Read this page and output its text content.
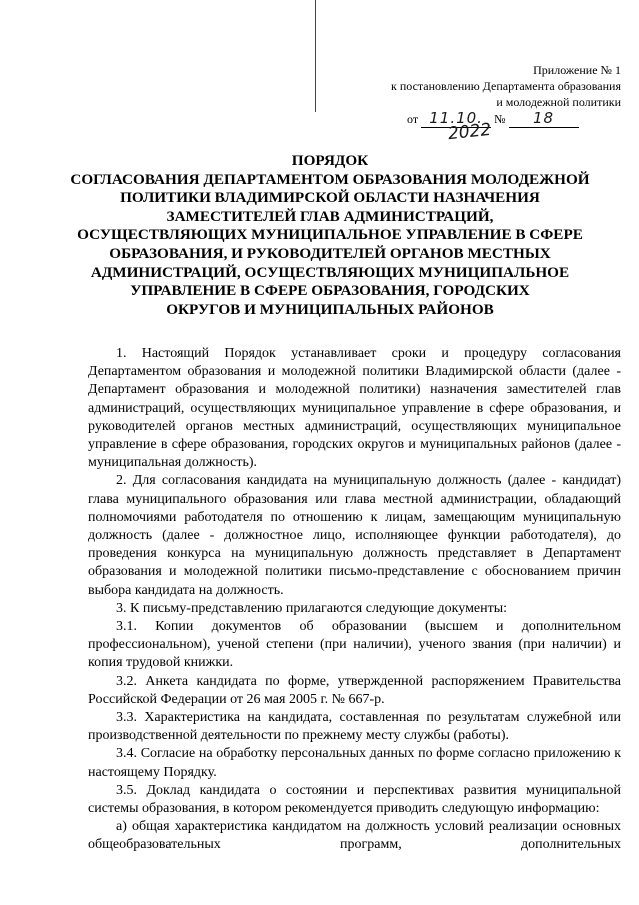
Приложение № 1
к постановлению Департамента образования
и молодежной политики
от 11.10. № 18
2022
ПОРЯДОК
СОГЛАСОВАНИЯ ДЕПАРТАМЕНТОМ ОБРАЗОВАНИЯ МОЛОДЕЖНОЙ
ПОЛИТИКИ ВЛАДИМИРСКОЙ ОБЛАСТИ НАЗНАЧЕНИЯ
ЗАМЕСТИТЕЛЕЙ ГЛАВ АДМИНИСТРАЦИЙ,
ОСУЩЕСТВЛЯЮЩИХ МУНИЦИПАЛЬНОЕ УПРАВЛЕНИЕ В СФЕРЕ
ОБРАЗОВАНИЯ, И РУКОВОДИТЕЛЕЙ ОРГАНОВ МЕСТНЫХ
АДМИНИСТРАЦИЙ, ОСУЩЕСТВЛЯЮЩИХ МУНИЦИПАЛЬНОЕ
УПРАВЛЕНИЕ В СФЕРЕ ОБРАЗОВАНИЯ, ГОРОДСКИХ
ОКРУГОВ И МУНИЦИПАЛЬНЫХ РАЙОНОВ

1. Настоящий Порядок устанавливает сроки и процедуру согласования Департаментом образования и молодежной политики Владимирской области (далее - Департамент образования и молодежной политики) назначения заместителей глав администраций, осуществляющих муниципальное управление в сфере образования, и руководителей органов местных администраций, осуществляющих муниципальное управление в сфере образования, городских округов и муниципальных районов (далее - муниципальная должность).

2. Для согласования кандидата на муниципальную должность (далее - кандидат) глава муниципального образования или глава местной администрации, обладающий полномочиями работодателя по отношению к лицам, замещающим муниципальную должность (далее - должностное лицо, исполняющее функции работодателя), до проведения конкурса на муниципальную должность представляет в Департамент образования и молодежной политики письмо-представление с обоснованием причин выбора кандидата на должность.

3. К письму-представлению прилагаются следующие документы:

3.1. Копии документов об образовании (высшем и дополнительном профессиональном), ученой степени (при наличии), ученого звания (при наличии) и копия трудовой книжки.

3.2. Анкета кандидата по форме, утвержденной распоряжением Правительства Российской Федерации от 26 мая 2005 г. № 667-р.

3.3. Характеристика на кандидата, составленная по результатам служебной или производственной деятельности по прежнему месту службы (работы).

3.4. Согласие на обработку персональных данных по форме согласно приложению к настоящему Порядку.

3.5. Доклад кандидата о состоянии и перспективах развития муниципальной системы образования, в котором рекомендуется приводить следующую информацию:

а) общая характеристика кандидатом на должность условий реализации основных общеобразовательных программ, дополнительных
